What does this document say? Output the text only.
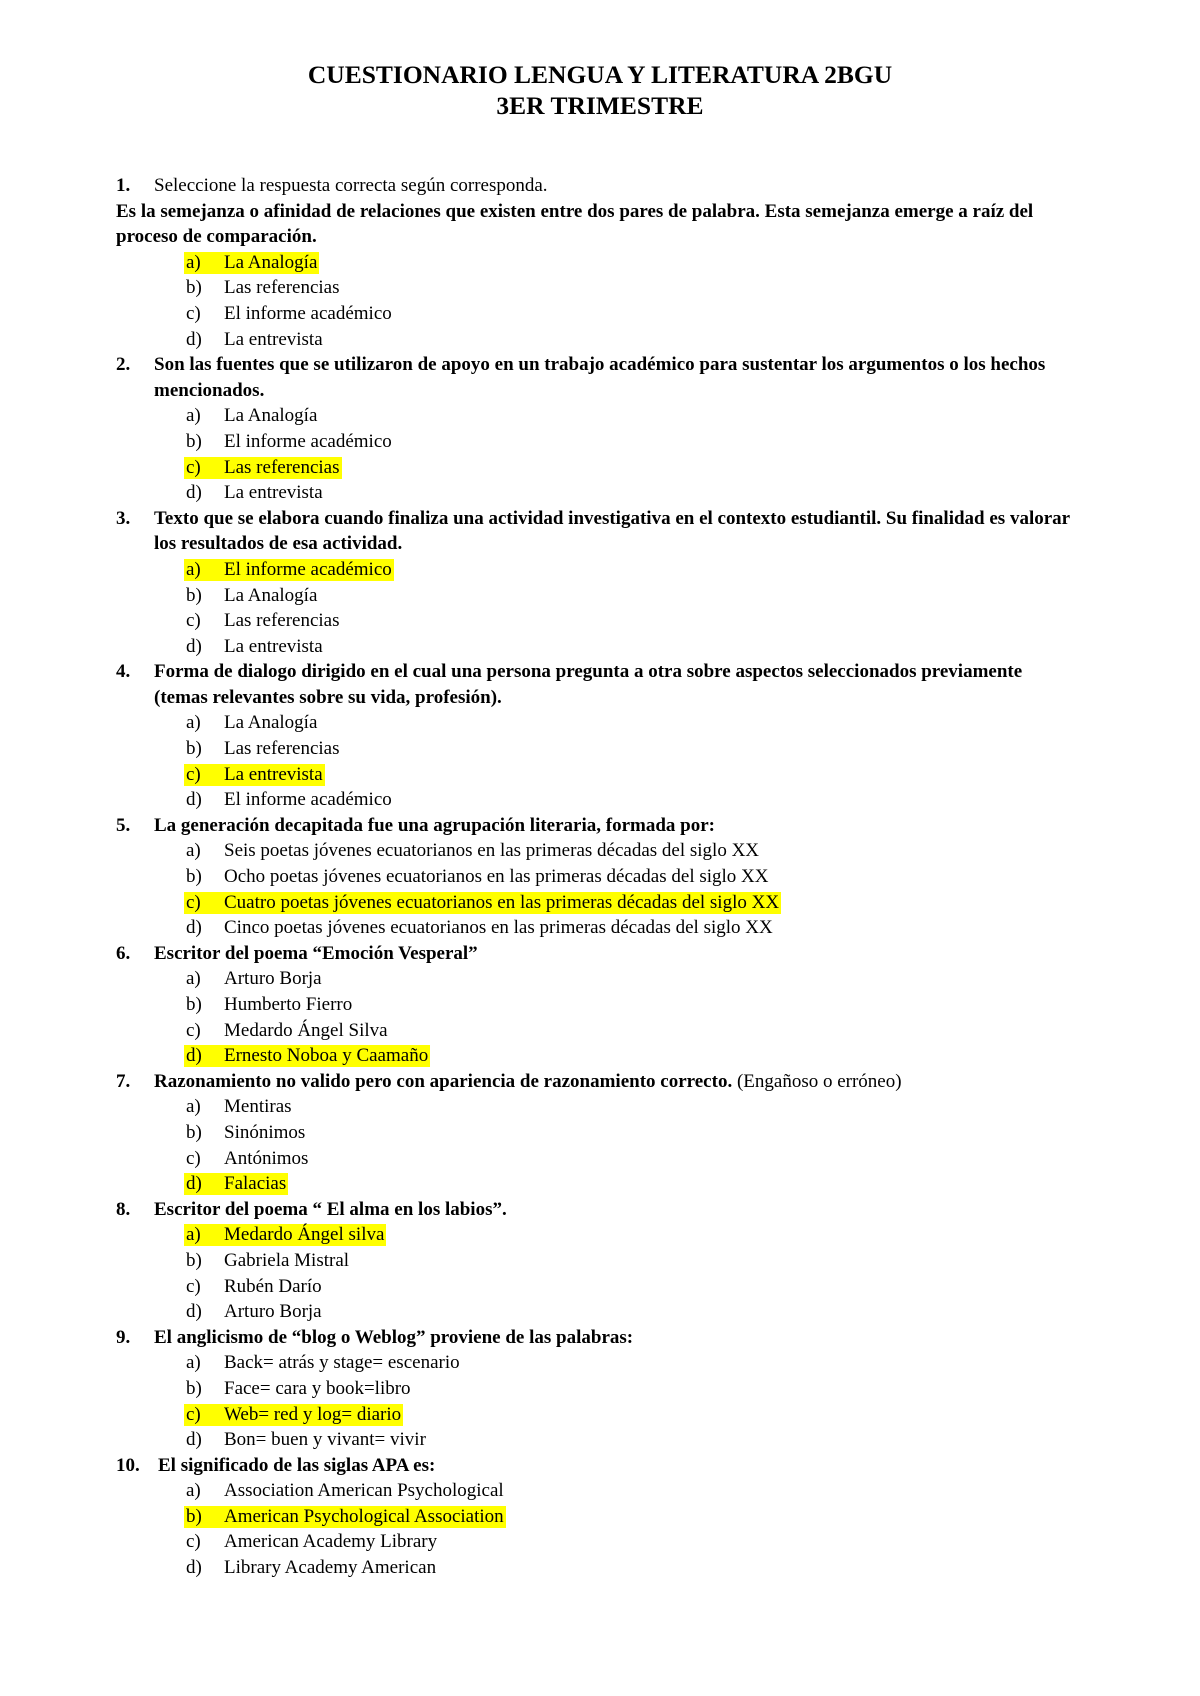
CUESTIONARIO LENGUA Y LITERATURA 2BGU
3ER TRIMESTRE
1. Seleccione la respuesta correcta según corresponda.
Es la semejanza o afinidad de relaciones que existen entre dos pares de palabra. Esta semejanza emerge a raíz del proceso de comparación.
a) La Analogía
b) Las referencias
c) El informe académico
d) La entrevista
2. Son las fuentes que se utilizaron de apoyo en un trabajo académico para sustentar los argumentos o los hechos mencionados.
a) La Analogía
b) El informe académico
c) Las referencias
d) La entrevista
3. Texto que se elabora cuando finaliza una actividad investigativa en el contexto estudiantil. Su finalidad es valorar los resultados de esa actividad.
a) El informe académico
b) La Analogía
c) Las referencias
d) La entrevista
4. Forma de dialogo dirigido en el cual una persona pregunta a otra sobre aspectos seleccionados previamente (temas relevantes sobre su vida, profesión).
a) La Analogía
b) Las referencias
c) La entrevista
d) El informe académico
5. La generación decapitada fue una agrupación literaria, formada por:
a) Seis poetas jóvenes ecuatorianos en las primeras décadas del siglo XX
b) Ocho poetas jóvenes ecuatorianos en las primeras décadas del siglo XX
c) Cuatro poetas jóvenes ecuatorianos en las primeras décadas del siglo XX
d) Cinco poetas jóvenes ecuatorianos en las primeras décadas del siglo XX
6. Escritor del poema “Emoción Vesperal”
a) Arturo Borja
b) Humberto Fierro
c) Medardo Ángel Silva
d) Ernesto Noboa y Caamaño
7. Razonamiento no valido pero con apariencia de razonamiento correcto. (Engañoso o erróneo)
a) Mentiras
b) Sinónimos
c) Antónimos
d) Falacias
8. Escritor del poema “ El alma en los labios”.
a) Medardo Ángel silva
b) Gabriela Mistral
c) Rubén Darío
d) Arturo Borja
9. El anglicismo de “blog o Weblog” proviene de las palabras:
a) Back= atrás y stage= escenario
b) Face= cara y book=libro
c) Web= red y log= diario
d) Bon= buen y vivant= vivir
10. El significado de las siglas APA es:
a) Association American Psychological
b) American Psychological Association
c) American Academy Library
d) Library Academy American
